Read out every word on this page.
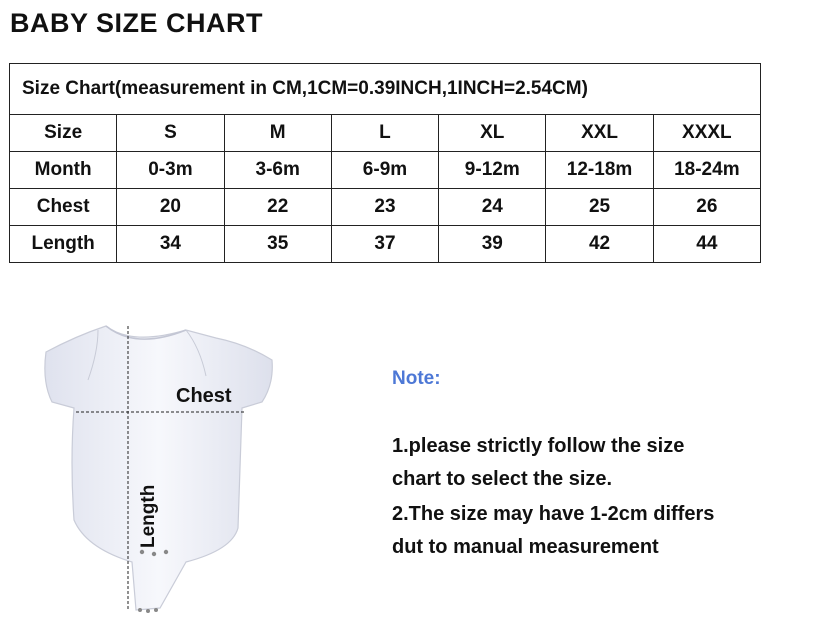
BABY SIZE CHART
Size Chart(measurement in CM,1CM=0.39INCH,1INCH=2.54CM)						
Size	S	M	L	XL	XXL	XXXL
Month	0-3m	3-6m	6-9m	9-12m	12-18m	18-24m
Chest	20	22	23	24	25	26
Length	34	35	37	39	42	44
Chest
Length
Note:
1.please strictly follow the size
chart to select the size.
2.The size may have 1-2cm differs
dut to manual measurement
